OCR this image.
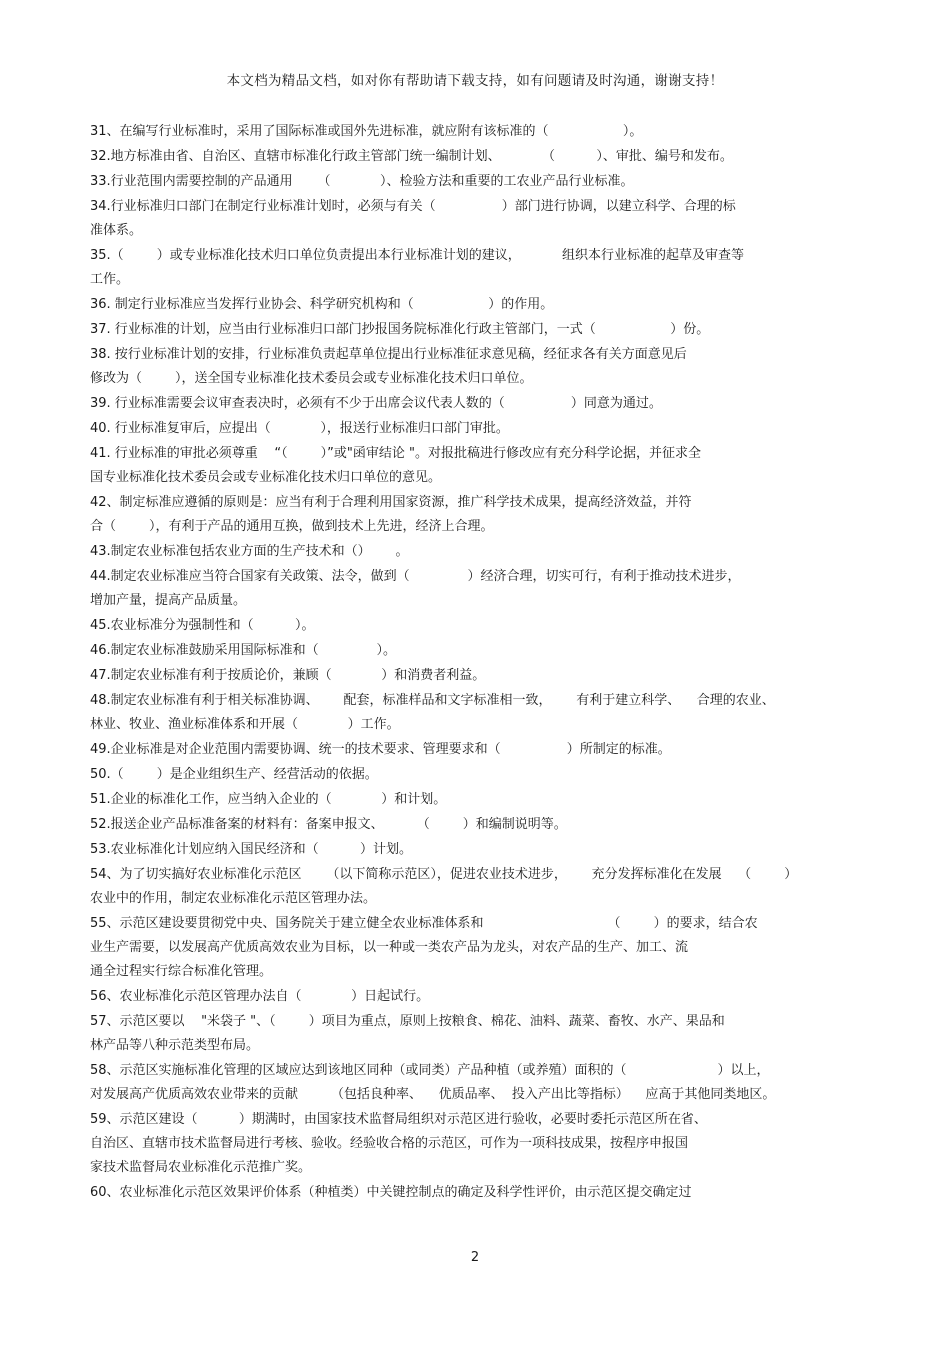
本文档为精品文档，如对你有帮助请下载支持，如有问题请及时沟通，谢谢支持！
31、在编写行业标准时，采用了国际标准或国外先进标准，就应附有该标准的（                  ）。
32.地方标准由省、自治区、直辖市标准化行政主管部门统一编制计划、          （          ）、审批、编号和发布。
33.行业范围内需要控制的产品通用      （            ）、检验方法和重要的工农业产品行业标准。
34.行业标准归口部门在制定行业标准计划时，必须与有关（                ）部门进行协调，以建立科学、合理的标
准体系。
35.（        ）或专业标准化技术归口单位负责提出本行业标准计划的建议，          组织本行业标准的起草及审查等
工作。
36. 制定行业标准应当发挥行业协会、科学研究机构和（                  ）的作用。
37. 行业标准的计划，应当由行业标准归口部门抄报国务院标准化行政主管部门，一式（                  ）份。
38. 按行业标准计划的安排，行业标准负责起草单位提出行业标准征求意见稿，经征求各有关方面意见后
修改为（        ），送全国专业标准化技术委员会或专业标准化技术归口单位。
39. 行业标准需要会议审查表决时，必须有不少于出席会议代表人数的（                ）同意为通过。
40. 行业标准复审后，应提出（            ），报送行业标准归口部门审批。
41. 行业标准的审批必须尊重    “（        ）”或"函审结论 "。对报批稿进行修改应有充分科学论据，并征求全
国专业标准化技术委员会或专业标准化技术归口单位的意见。
42、制定标准应遵循的原则是：应当有利于合理利用国家资源，推广科学技术成果，提高经济效益，并符
合（        ），有利于产品的通用互换，做到技术上先进，经济上合理。
43.制定农业标准包括农业方面的生产技术和（）      。
44.制定农业标准应当符合国家有关政策、法令，做到（              ）经济合理，切实可行，有利于推动技术进步，
增加产量，提高产品质量。
45.农业标准分为强制性和（          ）。
46.制定农业标准鼓励采用国际标准和（              ）。
47.制定农业标准有利于按质论价，兼顾（            ）和消费者利益。
48.制定农业标准有利于相关标准协调、      配套，标准样品和文字标准相一致，      有利于建立科学、    合理的农业、
林业、牧业、渔业标准体系和开展（            ）工作。
49.企业标准是对企业范围内需要协调、统一的技术要求、管理要求和（                ）所制定的标准。
50.（        ）是企业组织生产、经营活动的依据。
51.企业的标准化工作，应当纳入企业的（            ）和计划。
52.报送企业产品标准备案的材料有：备案申报文、        （        ）和编制说明等。
53.农业标准化计划应纳入国民经济和（          ）计划。
54、为了切实搞好农业标准化示范区      （以下简称示范区），促进农业技术进步，      充分发挥标准化在发展    （        ）
农业中的作用，制定农业标准化示范区管理办法。
55、示范区建设要贯彻党中央、国务院关于建立健全农业标准体系和                              （        ）的要求，结合农
业生产需要，以发展高产优质高效农业为目标，以一种或一类农产品为龙头，对农产品的生产、加工、流
通全过程实行综合标准化管理。
56、农业标准化示范区管理办法自（            ）日起试行。
57、示范区要以    "米袋子 "、（        ）项目为重点，原则上按粮食、棉花、油料、蔬菜、畜牧、水产、果品和
林产品等八种示范类型布局。
58、示范区实施标准化管理的区域应达到该地区同种（或同类）产品种植（或养殖）面积的（                      ）以上，
对发展高产优质高效农业带来的贡献        （包括良种率、    优质品率、  投入产出比等指标）    应高于其他同类地区。
59、示范区建设（          ）期满时，由国家技术监督局组织对示范区进行验收，必要时委托示范区所在省、
自治区、直辖市技术监督局进行考核、验收。经验收合格的示范区，可作为一项科技成果，按程序申报国
家技术监督局农业标准化示范推广奖。
60、农业标准化示范区效果评价体系（种植类）中关键控制点的确定及科学性评价，由示范区提交确定过
2
